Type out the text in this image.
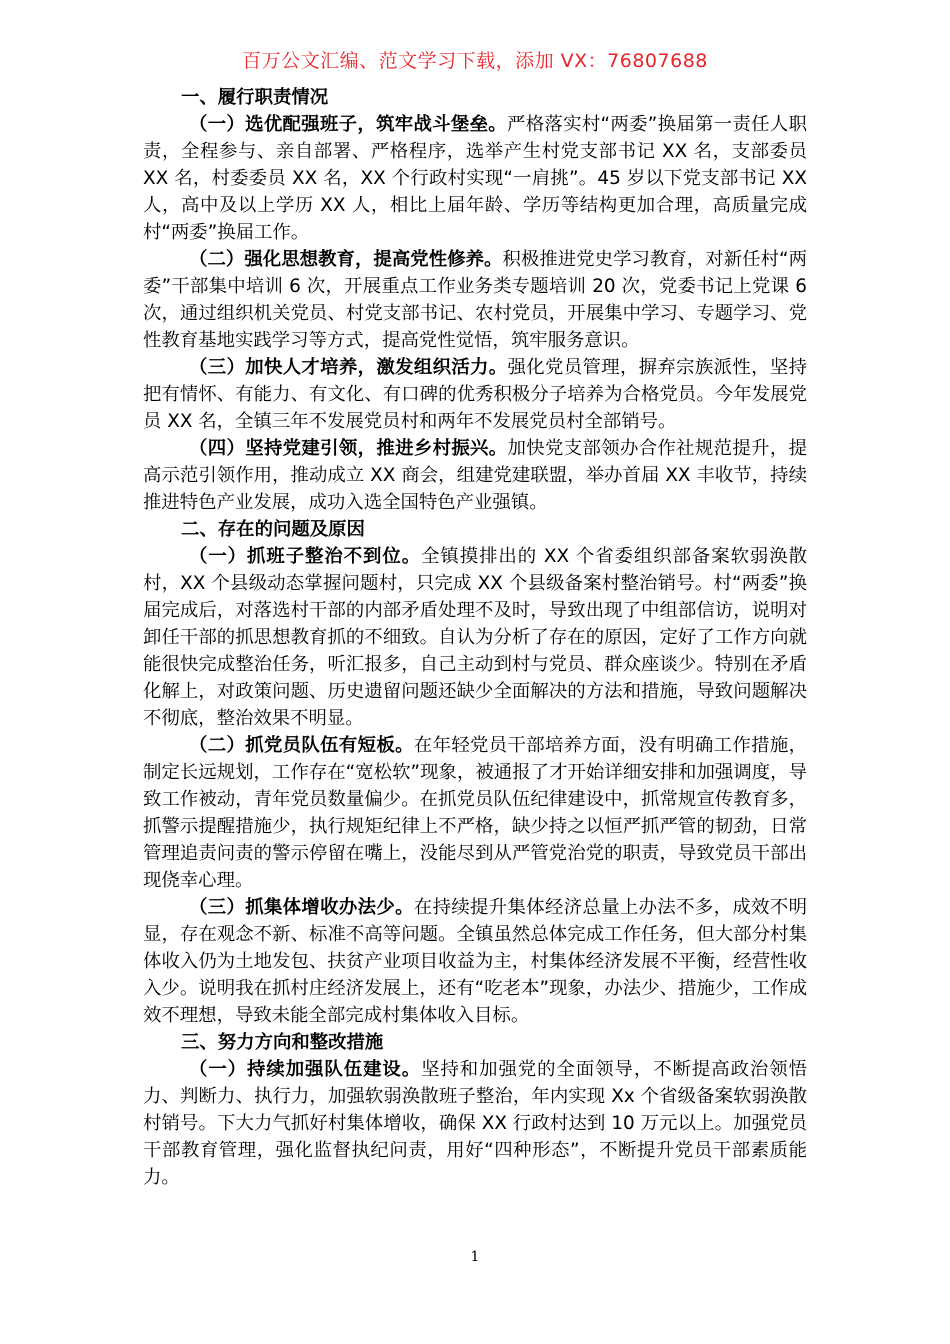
百万公文汇编、范文学习下载，添加 VX：76807688

一、履行职责情况

（一）选优配强班子，筑牢战斗堡垒。严格落实村“两委”换届第一责任人职责，全程参与、亲自部署、严格程序，选举产生村党支部书记 XX 名，支部委员 XX 名，村委委员 XX 名，XX 个行政村实现“一肩挑”。45 岁以下党支部书记 XX 人，高中及以上学历 XX 人，相比上届年龄、学历等结构更加合理，高质量完成村“两委”换届工作。

（二）强化思想教育，提高党性修养。积极推进党史学习教育，对新任村“两委”干部集中培训 6 次，开展重点工作业务类专题培训 20 次，党委书记上党课 6 次，通过组织机关党员、村党支部书记、农村党员，开展集中学习、专题学习、党性教育基地实践学习等方式，提高党性觉悟，筑牢服务意识。

（三）加快人才培养，激发组织活力。强化党员管理，摒弃宗族派性，坚持把有情怀、有能力、有文化、有口碑的优秀积极分子培养为合格党员。今年发展党员 XX 名，全镇三年不发展党员村和两年不发展党员村全部销号。

（四）坚持党建引领，推进乡村振兴。加快党支部领办合作社规范提升，提高示范引领作用，推动成立 XX 商会，组建党建联盟，举办首届 XX 丰收节，持续推进特色产业发展，成功入选全国特色产业强镇。

二、存在的问题及原因

（一）抓班子整治不到位。全镇摸排出的 XX 个省委组织部备案软弱涣散村，XX 个县级动态掌握问题村，只完成 XX 个县级备案村整治销号。村“两委”换届完成后，对落选村干部的内部矛盾处理不及时，导致出现了中组部信访，说明对卸任干部的抓思想教育抓的不细致。自认为分析了存在的原因，定好了工作方向就能很快完成整治任务，听汇报多，自己主动到村与党员、群众座谈少。特别在矛盾化解上，对政策问题、历史遗留问题还缺少全面解决的方法和措施，导致问题解决不彻底，整治效果不明显。

（二）抓党员队伍有短板。在年轻党员干部培养方面，没有明确工作措施，制定长远规划，工作存在“宽松软”现象，被通报了才开始详细安排和加强调度，导致工作被动，青年党员数量偏少。在抓党员队伍纪律建设中，抓常规宣传教育多，抓警示提醒措施少，执行规矩纪律上不严格，缺少持之以恒严抓严管的韧劲，日常管理追责问责的警示停留在嘴上，没能尽到从严管党治党的职责，导致党员干部出现侥幸心理。

（三）抓集体增收办法少。在持续提升集体经济总量上办法不多，成效不明显，存在观念不新、标准不高等问题。全镇虽然总体完成工作任务，但大部分村集体收入仍为土地发包、扶贫产业项目收益为主，村集体经济发展不平衡，经营性收入少。说明我在抓村庄经济发展上，还有“吃老本”现象，办法少、措施少，工作成效不理想，导致未能全部完成村集体收入目标。

三、努力方向和整改措施

（一）持续加强队伍建设。坚持和加强党的全面领导，不断提高政治领悟力、判断力、执行力，加强软弱涣散班子整治，年内实现 Xx 个省级备案软弱涣散村销号。下大力气抓好村集体增收，确保 XX 行政村达到 10 万元以上。加强党员干部教育管理，强化监督执纪问责，用好“四种形态”，不断提升党员干部素质能力。

1
